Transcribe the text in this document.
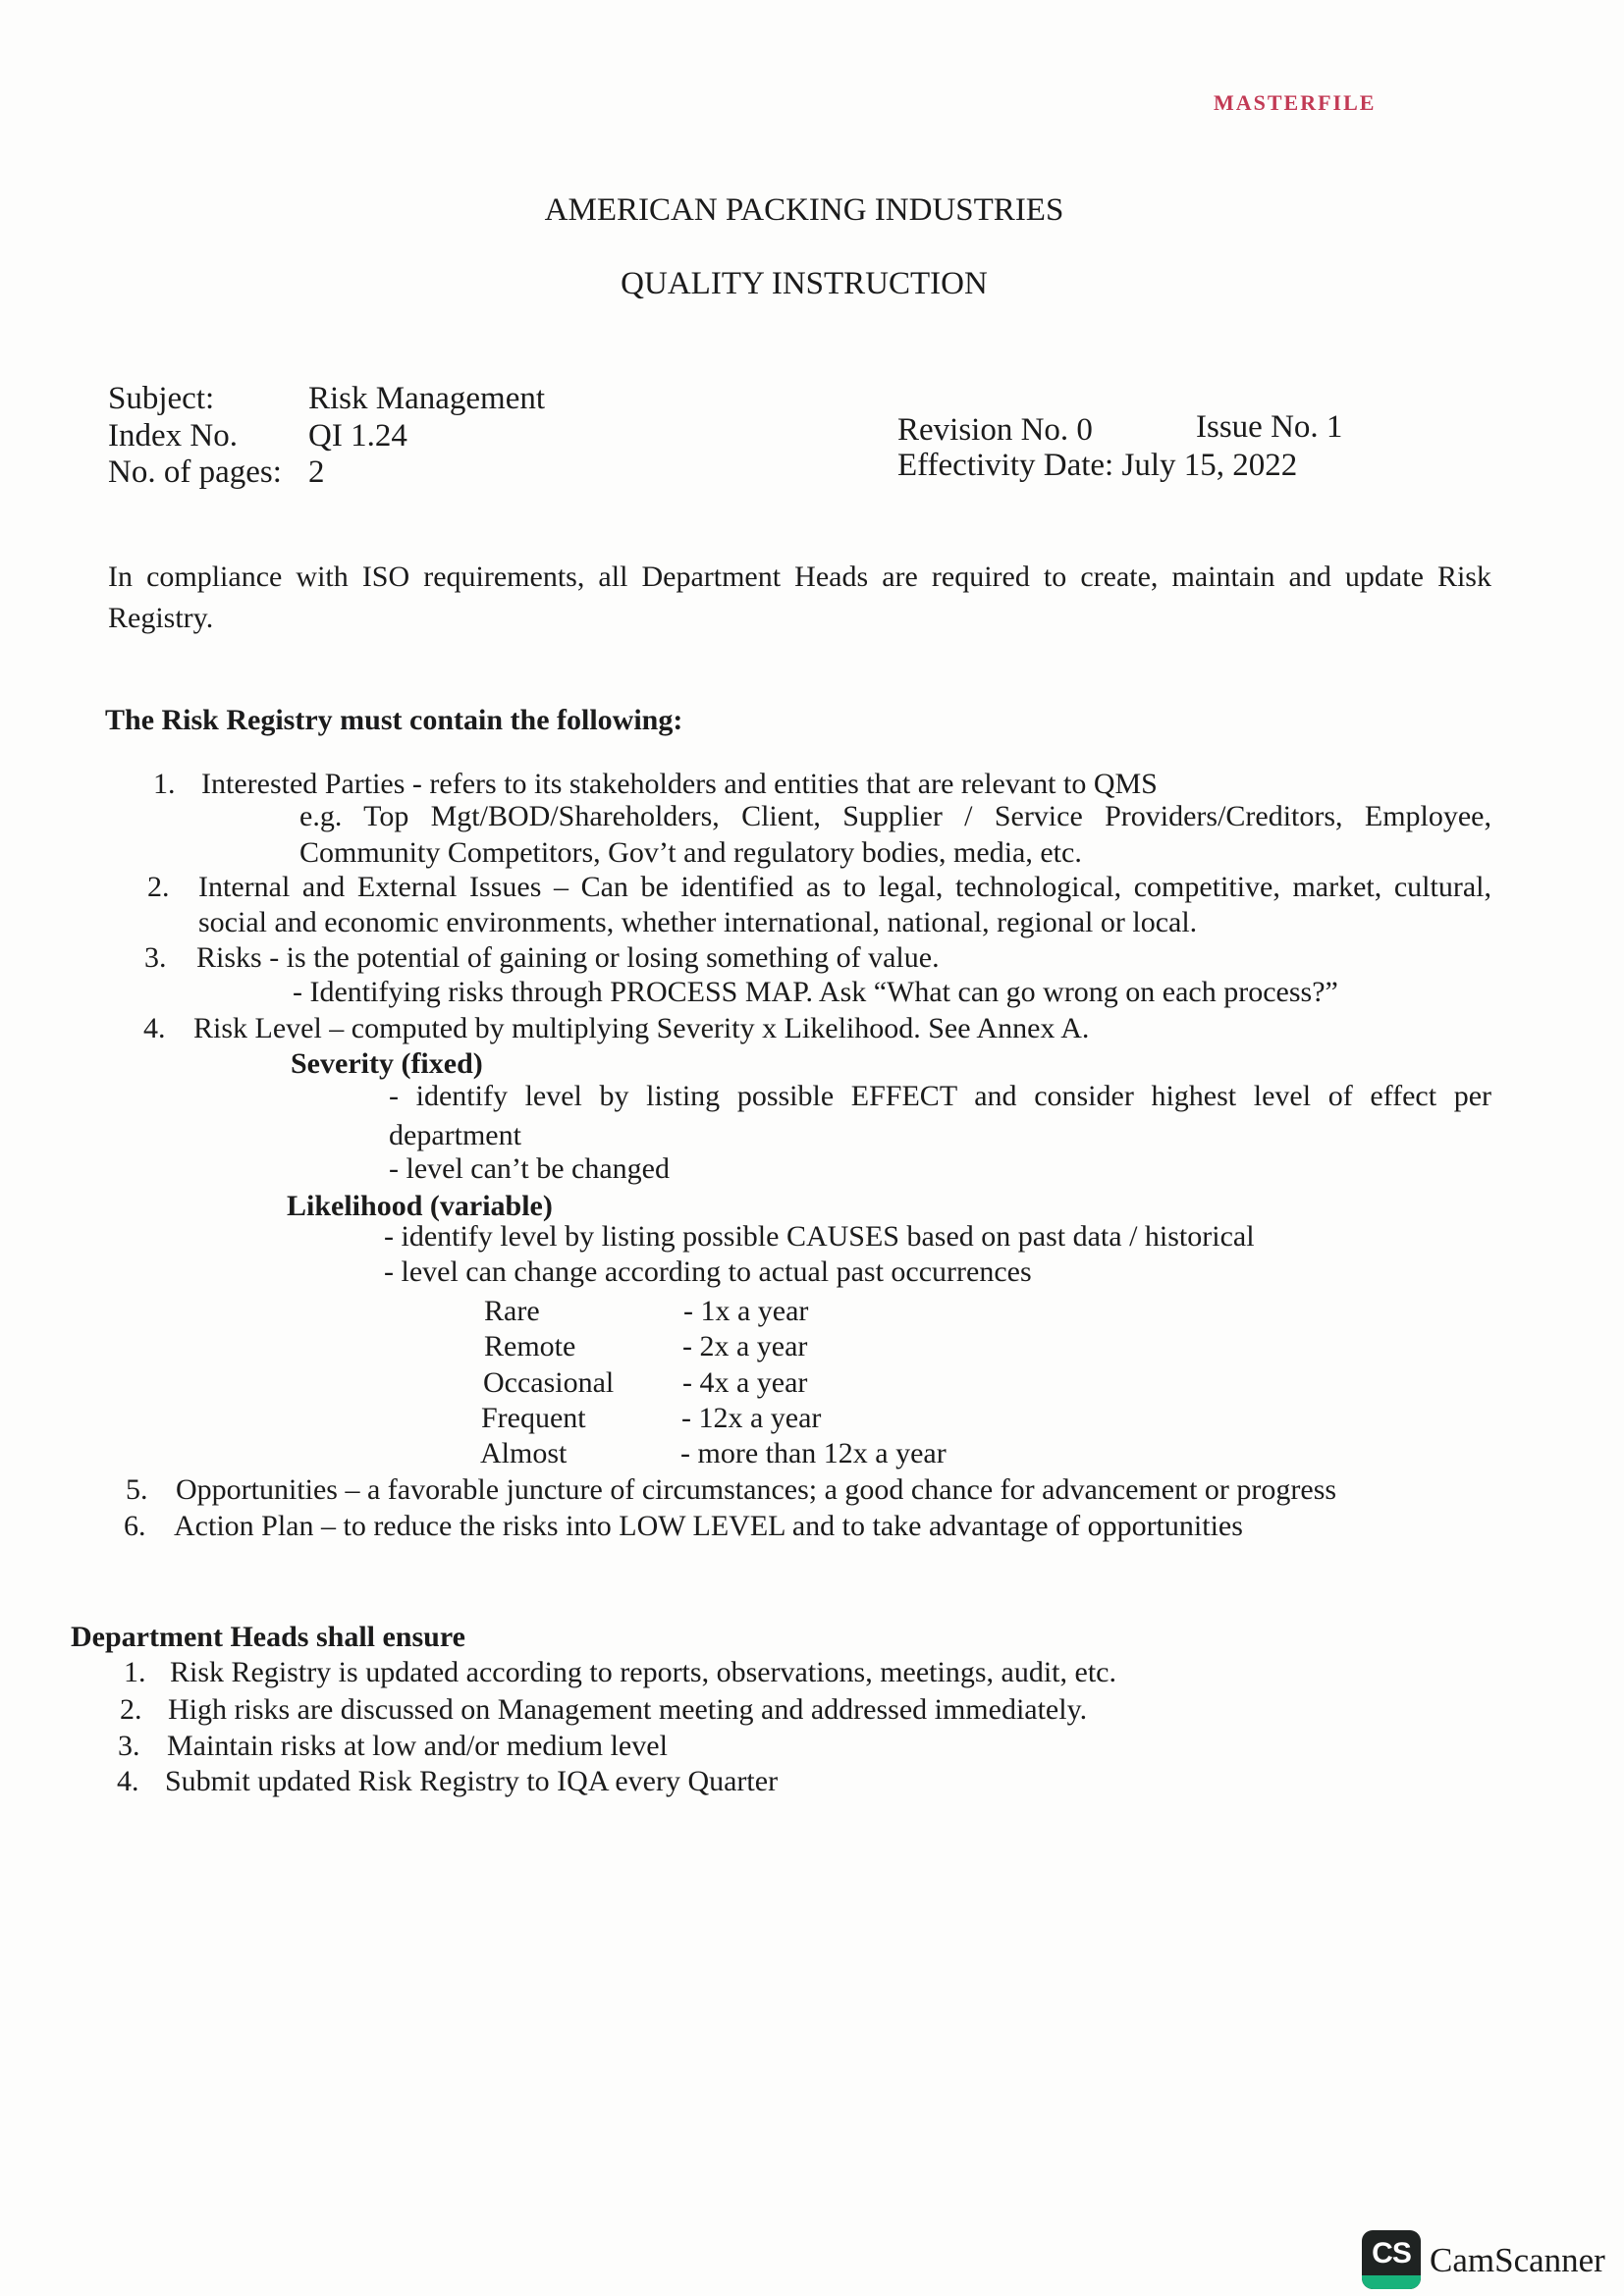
MASTERFILE
AMERICAN PACKING INDUSTRIES
QUALITY INSTRUCTION
Subject:	Risk Management
Index No. QI 1.24
No. of pages: 2
Revision No. 0	Issue No. 1
Effectivity Date: July 15, 2022
In compliance with ISO requirements, all Department Heads are required to create, maintain and update Risk
Registry.
The Risk Registry must contain the following:
1. Interested Parties - refers to its stakeholders and entities that are relevant to QMS
e.g. Top Mgt/BOD/Shareholders, Client, Supplier / Service Providers/Creditors, Employee,
Community Competitors, Gov’t and regulatory bodies, media, etc.
2. Internal and External Issues – Can be identified as to legal, technological, competitive, market, cultural,
social and economic environments, whether international, national, regional or local.
3. Risks - is the potential of gaining or losing something of value.
- Identifying risks through PROCESS MAP. Ask “What can go wrong on each process?”
4. Risk Level – computed by multiplying Severity x Likelihood. See Annex A.
Severity (fixed)
- identify level by listing possible EFFECT and consider highest level of effect per
department
- level can’t be changed
Likelihood (variable)
- identify level by listing possible CAUSES based on past data / historical
- level can change according to actual past occurrences
Rare	- 1x a year
Remote	- 2x a year
Occasional - 4x a year
Frequent	- 12x a year
Almost	- more than 12x a year
5. Opportunities – a favorable juncture of circumstances; a good chance for advancement or progress
6. Action Plan – to reduce the risks into LOW LEVEL and to take advantage of opportunities
Department Heads shall ensure
1. Risk Registry is updated according to reports, observations, meetings, audit, etc.
2. High risks are discussed on Management meeting and addressed immediately.
3. Maintain risks at low and/or medium level
4. Submit updated Risk Registry to IQA every Quarter
CS CamScanner
